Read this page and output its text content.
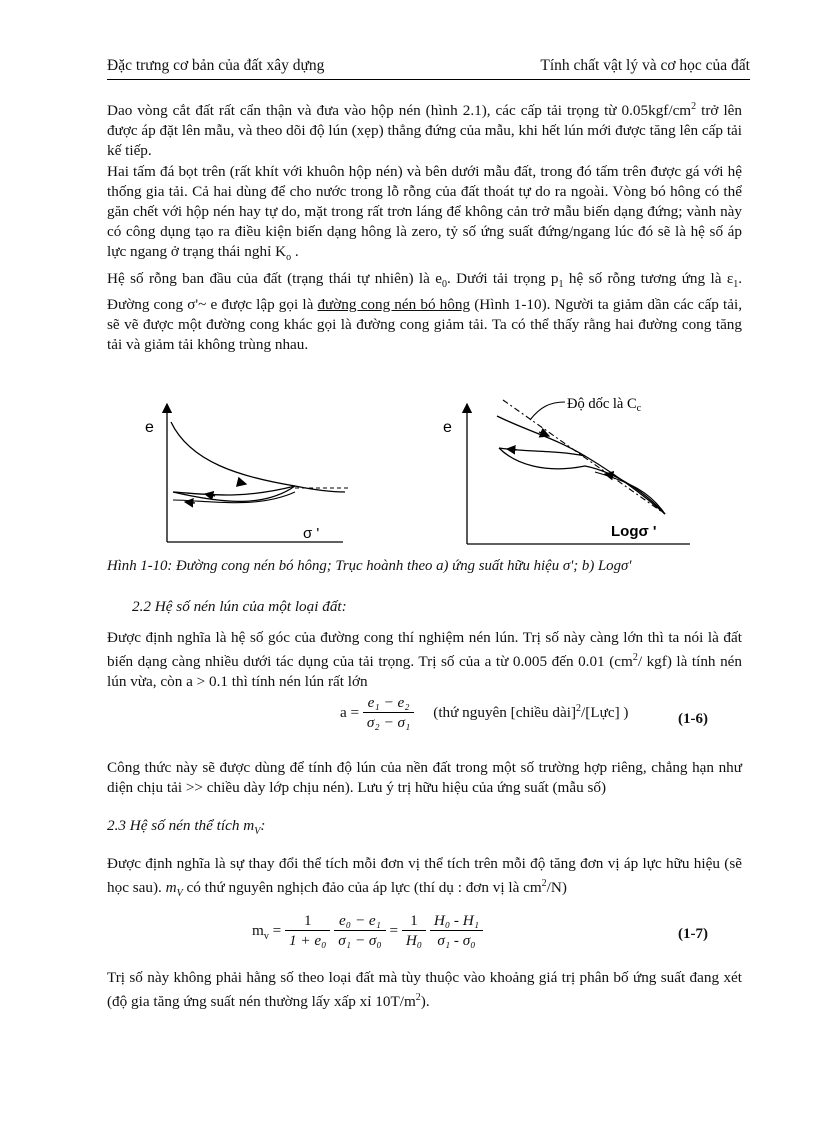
Đặc trưng cơ bản của đất xây dựng	Tính chất vật lý và cơ học của đất

Dao vòng cắt đất rất cẩn thận và đưa vào hộp nén (hình 2.1), các cấp tải trọng từ $0.05kgf/cm^2$ trở lên được áp đặt lên mẫu, và theo dõi độ lún (xẹp) thẳng đứng của mẫu, khi hết lún mới được tăng lên cấp tải kế tiếp.

Hai tấm đá bọt trên (rất khít với khuôn hộp nén) và bên dưới mẫu đất, trong đó tấm trên được gá với hệ thống gia tải. Cả hai dùng để cho nước trong lỗ rỗng của đất thoát tự do ra ngoài. Vòng bó hông có thể găn chết với hộp nén hay tự do, mặt trong rất trơn láng để không cản trở mẫu biến dạng đứng; vành này có công dụng tạo ra điều kiện biến dạng hông là zero, tỷ số ứng suất đứng/ngang lúc đó sẽ là hệ số áp lực ngang ở trạng thái nghỉ $K_o$ .

Hệ số rỗng ban đầu của đất (trạng thái tự nhiên) là $e_0$. Dưới tải trọng $p_1$ hệ số rỗng tương ứng là $\varepsilon_1$. Đường cong σ'~ e được lập gọi là đường cong nén bó hông (Hình 1-10). Người ta giảm dần các cấp tải, sẽ vẽ được một đường cong khác gọi là đường cong giảm tải. Ta có thể thấy rằng hai đường cong tăng tải và giảm tải không trùng nhau.

e
σ '
e
Logσ '
Độ dốc là $C_c$
Hình 1-10: Đường cong nén bó hông; Trục hoành theo a) ứng suất hữu hiệu σ'; b) Logσ'
2.2 Hệ số nén lún của một loại đất:

Được định nghĩa là hệ số góc của đường cong thí nghiệm nén lún. Trị số này càng lớn thì ta nói là đất biến dạng càng nhiều dưới tác dụng của tải trọng. Trị số của a từ 0.005 đến 0.01 ($cm^2/$ kgf) là tính nén lún vừa, còn a > 0.1 thì tính nén lún rất lớn

$a = \frac{\text{e₁ − e₂}}{\text{σ₂ − σ₁}}$ (thứ nguyên [chiều dài]$^2$/[Lực] )	(1-6)

Công thức này sẽ được dùng để tính độ lún của nền đất trong một số trường hợp riêng, chẳng hạn như diện chịu tải >> chiều dày lớp chịu nén). Lưu ý trị hữu hiệu của ứng suất (mẫu số)

2.3 Hệ số nén thể tích $m_V$:

Được định nghĩa là sự thay đổi thể tích mỗi đơn vị thể tích trên mỗi độ tăng đơn vị áp lực hữu hiệu (sẽ học sau). $m_V$ có thứ nguyên nghịch đảo của áp lực (thí dụ : đơn vị là $cm^2/N$)

$m_v = \frac{1}{\text{1 + e₀}}$
$\frac{\text{e₀ − e₁}}{\text{σ₁ − σ₀}} = \frac{1}{\text{H₀}}$
$\frac{\text{H₀ - H₁}}{\text{σ₁ - σ₀}}$	(1-7)

Trị số này không phải hằng số theo loại đất mà tùy thuộc vào khoảng giá trị phân bố ứng suất đang xét (độ gia tăng ứng suất nén thường lấy xấp xỉ $10T/m^2$).
